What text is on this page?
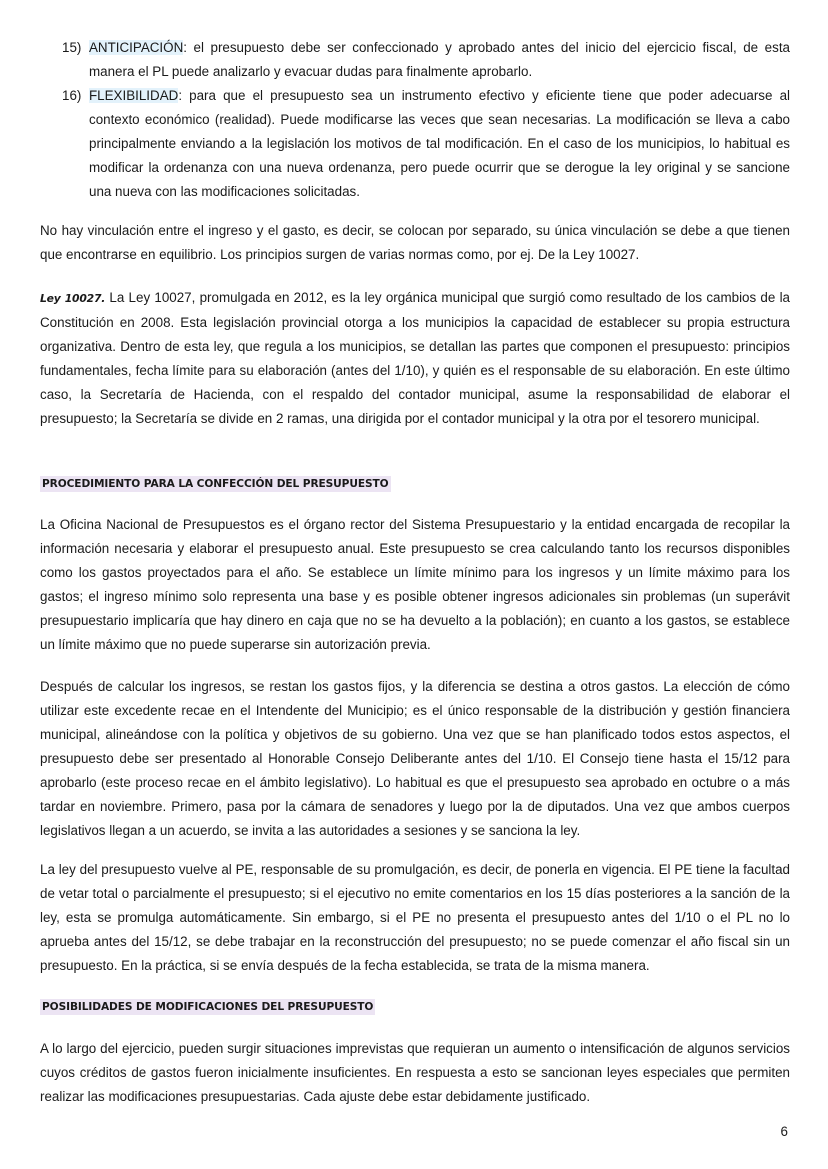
15) ANTICIPACIÓN: el presupuesto debe ser confeccionado y aprobado antes del inicio del ejercicio fiscal, de esta manera el PL puede analizarlo y evacuar dudas para finalmente aprobarlo.
16) FLEXIBILIDAD: para que el presupuesto sea un instrumento efectivo y eficiente tiene que poder adecuarse al contexto económico (realidad). Puede modificarse las veces que sean necesarias. La modificación se lleva a cabo principalmente enviando a la legislación los motivos de tal modificación. En el caso de los municipios, lo habitual es modificar la ordenanza con una nueva ordenanza, pero puede ocurrir que se derogue la ley original y se sancione una nueva con las modificaciones solicitadas.

No hay vinculación entre el ingreso y el gasto, es decir, se colocan por separado, su única vinculación se debe a que tienen que encontrarse en equilibrio. Los principios surgen de varias normas como, por ej. De la Ley 10027.

Ley 10027. La Ley 10027, promulgada en 2012, es la ley orgánica municipal que surgió como resultado de los cambios de la Constitución en 2008. Esta legislación provincial otorga a los municipios la capacidad de establecer su propia estructura organizativa. Dentro de esta ley, que regula a los municipios, se detallan las partes que componen el presupuesto: principios fundamentales, fecha límite para su elaboración (antes del 1/10), y quién es el responsable de su elaboración. En este último caso, la Secretaría de Hacienda, con el respaldo del contador municipal, asume la responsabilidad de elaborar el presupuesto; la Secretaría se divide en 2 ramas, una dirigida por el contador municipal y la otra por el tesorero municipal.

PROCEDIMIENTO PARA LA CONFECCIÓN DEL PRESUPUESTO

La Oficina Nacional de Presupuestos es el órgano rector del Sistema Presupuestario y la entidad encargada de recopilar la información necesaria y elaborar el presupuesto anual. Este presupuesto se crea calculando tanto los recursos disponibles como los gastos proyectados para el año. Se establece un límite mínimo para los ingresos y un límite máximo para los gastos; el ingreso mínimo solo representa una base y es posible obtener ingresos adicionales sin problemas (un superávit presupuestario implicaría que hay dinero en caja que no se ha devuelto a la población); en cuanto a los gastos, se establece un límite máximo que no puede superarse sin autorización previa.

Después de calcular los ingresos, se restan los gastos fijos, y la diferencia se destina a otros gastos. La elección de cómo utilizar este excedente recae en el Intendente del Municipio; es el único responsable de la distribución y gestión financiera municipal, alineándose con la política y objetivos de su gobierno. Una vez que se han planificado todos estos aspectos, el presupuesto debe ser presentado al Honorable Consejo Deliberante antes del 1/10. El Consejo tiene hasta el 15/12 para aprobarlo (este proceso recae en el ámbito legislativo). Lo habitual es que el presupuesto sea aprobado en octubre o a más tardar en noviembre. Primero, pasa por la cámara de senadores y luego por la de diputados. Una vez que ambos cuerpos legislativos llegan a un acuerdo, se invita a las autoridades a sesiones y se sanciona la ley.

La ley del presupuesto vuelve al PE, responsable de su promulgación, es decir, de ponerla en vigencia. El PE tiene la facultad de vetar total o parcialmente el presupuesto; si el ejecutivo no emite comentarios en los 15 días posteriores a la sanción de la ley, esta se promulga automáticamente. Sin embargo, si el PE no presenta el presupuesto antes del 1/10 o el PL no lo aprueba antes del 15/12, se debe trabajar en la reconstrucción del presupuesto; no se puede comenzar el año fiscal sin un presupuesto. En la práctica, si se envía después de la fecha establecida, se trata de la misma manera.

POSIBILIDADES DE MODIFICACIONES DEL PRESUPUESTO

A lo largo del ejercicio, pueden surgir situaciones imprevistas que requieran un aumento o intensificación de algunos servicios cuyos créditos de gastos fueron inicialmente insuficientes. En respuesta a esto se sancionan leyes especiales que permiten realizar las modificaciones presupuestarias. Cada ajuste debe estar debidamente justificado.

6
